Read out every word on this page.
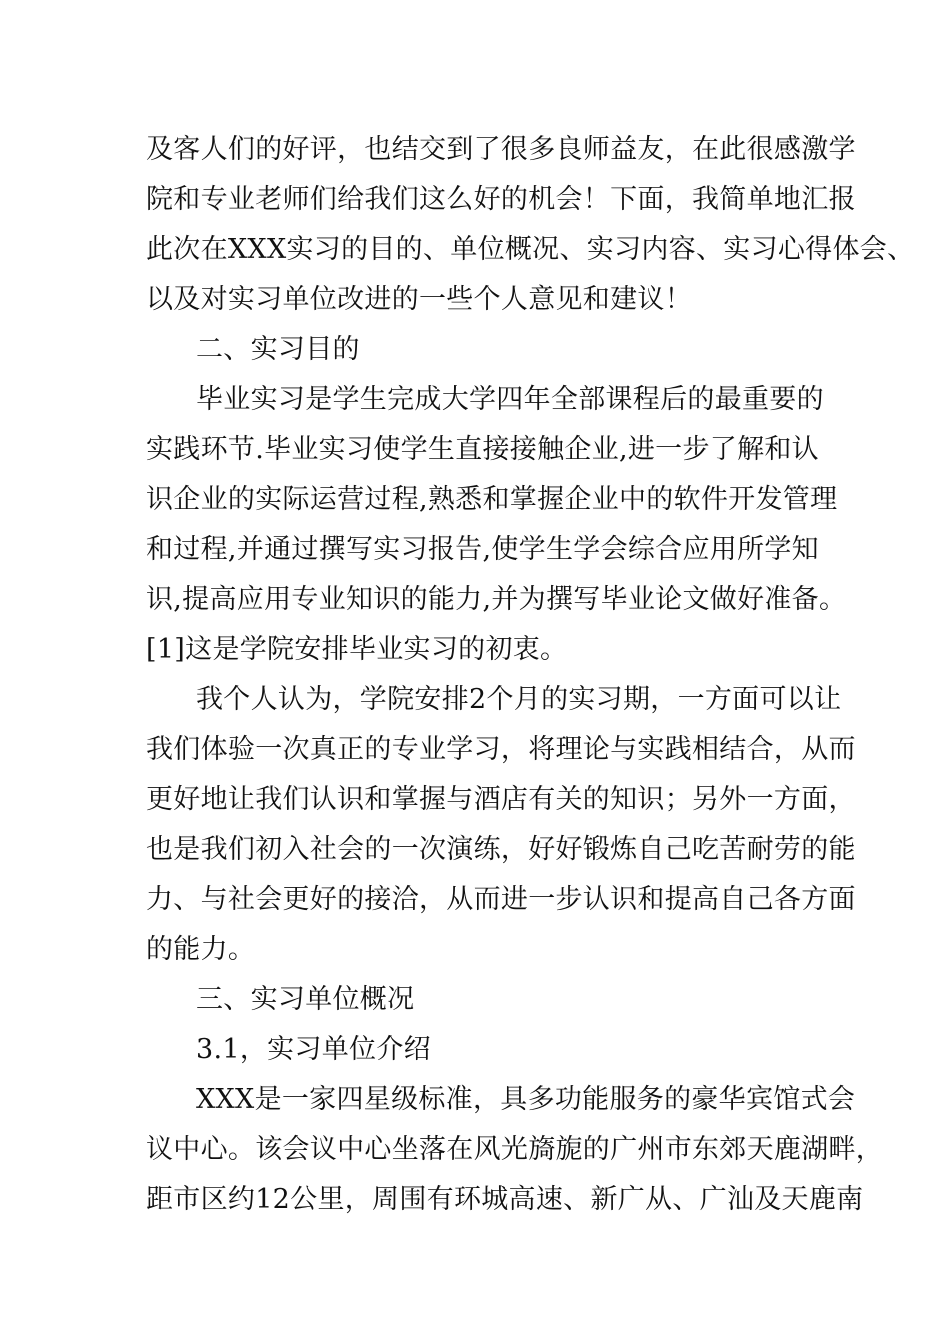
及客人们的好评，也结交到了很多良师益友，在此很感激学
院和专业老师们给我们这么好的机会！下面，我简单地汇报
此次在XXX实习的目的、单位概况、实习内容、实习心得体会、
以及对实习单位改进的一些个人意见和建议！
二、实习目的
毕业实习是学生完成大学四年全部课程后的最重要的
实践环节.毕业实习使学生直接接触企业,进一步了解和认
识企业的实际运营过程,熟悉和掌握企业中的软件开发管理
和过程,并通过撰写实习报告,使学生学会综合应用所学知
识,提高应用专业知识的能力,并为撰写毕业论文做好准备。
[1]这是学院安排毕业实习的初衷。
我个人认为，学院安排2个月的实习期，一方面可以让
我们体验一次真正的专业学习，将理论与实践相结合，从而
更好地让我们认识和掌握与酒店有关的知识；另外一方面，
也是我们初入社会的一次演练，好好锻炼自己吃苦耐劳的能
力、与社会更好的接洽，从而进一步认识和提高自己各方面
的能力。
三、实习单位概况
3.1，实习单位介绍
XXX是一家四星级标准，具多功能服务的豪华宾馆式会
议中心。该会议中心坐落在风光旖旎的广州市东郊天鹿湖畔，
距市区约12公里，周围有环城高速、新广从、广汕及天鹿南
